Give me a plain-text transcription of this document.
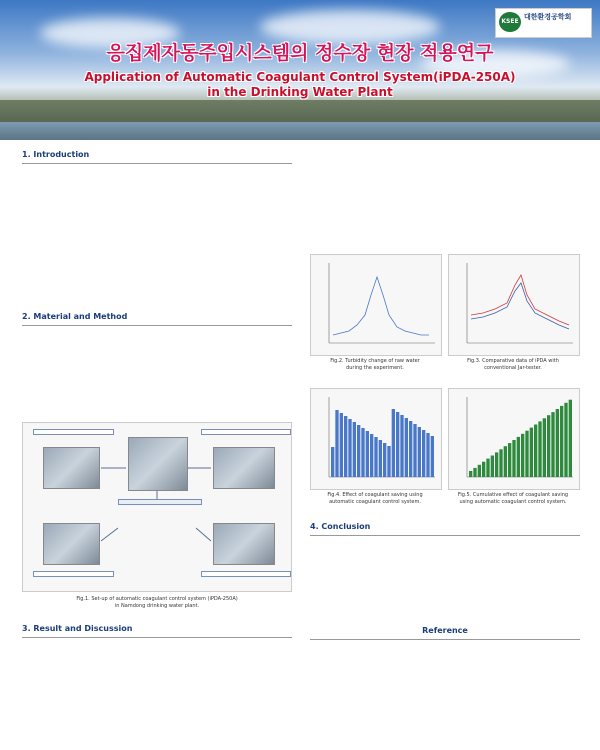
KSEE
대한환경공학회
응집제자동주입시스템의 정수장 현장 적용연구
Application of Automatic Coagulant Control System(iPDA-250A)
in the Drinking Water Plant
1. Introduction

2. Material and Method

Fig.1. Set-up of automatic coagulant control system (iPDA-250A)
in Namdong drinking water plant.
3. Result and Discussion

Fig.2. Turbidity change of raw water
during the experiment.
Fig.3. Comparative data of iPDA with
conventional Jar-tester.
Fig.4. Effect of coagulant saving using
automatic coagulant control system.
Fig.5. Cumulative effect of coagulant saving
using automatic coagulant control system.
4. Conclusion

Reference
